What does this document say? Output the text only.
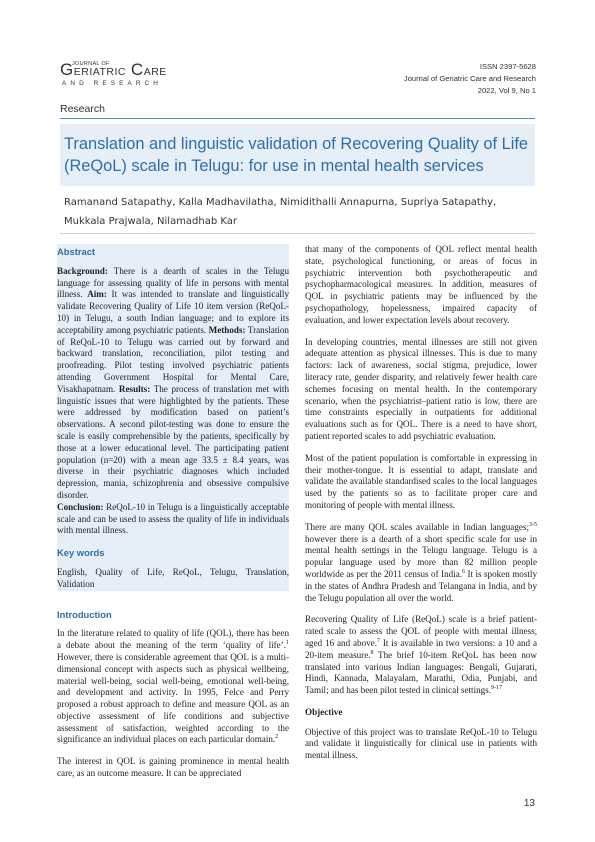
GERIATRIC CARE
JOURNAL OF
AND RESEARCH
ISSN 2397-5628
Journal of Geriatric Care and Research
2022, Vol 9, No 1
Research
Translation and linguistic validation of Recovering Quality of Life (ReQoL) scale in Telugu: for use in mental health services
Ramanand Satapathy, Kalla Madhavilatha, Nimidithalli Annapurna, Supriya Satapathy, Mukkala Prajwala, Nilamadhab Kar
Abstract

Background: There is a dearth of scales in the Telugu language for assessing quality of life in persons with mental illness. Aim: It was intended to translate and linguistically validate Recovering Quality of Life 10 item version (ReQoL-10) in Telugu, a south Indian language; and to explore its acceptability among psychiatric patients. Methods: Translation of ReQoL-10 to Telugu was carried out by forward and backward translation, reconciliation, pilot testing and proofreading. Pilot testing involved psychiatric patients attending Government Hospital for Mental Care, Visakhapatnam. Results: The process of translation met with linguistic issues that were highlighted by the patients. These were addressed by modification based on patient’s observations. A second pilot-testing was done to ensure the scale is easily comprehensible by the patients, specifically by those at a lower educational level. The participating patient population (n=20) with a mean age 33.5 ± 8.4 years, was diverse in their psychiatric diagnoses which included depression, mania, schizophrenia and obsessive compulsive disorder.
Conclusion: ReQoL-10 in Telugu is a linguistically acceptable scale and can be used to assess the quality of life in individuals with mental illness.

Key words

English, Quality of Life, ReQoL, Telugu, Translation, Validation

Introduction

In the literature related to quality of life (QOL), there has been a debate about the meaning of the term ‘quality of life’.$^1$ However, there is considerable agreement that QOL is a multi-dimensional concept with aspects such as physical wellbeing, material well-being, social well-being, emotional well-being, and development and activity. In 1995, Felce and Perry proposed a robust approach to define and measure QOL as an objective assessment of life conditions and subjective assessment of satisfaction, weighted according to the significance an individual places on each particular domain.$^2$

The interest in QOL is gaining prominence in mental health care, as an outcome measure. It can be appreciated

that many of the components of QOL reflect mental health state, psychological functioning, or areas of focus in psychiatric intervention both psychotherapeutic and psychopharmacological measures. In addition, measures of QOL in psychiatric patients may be influenced by the psychopathology, hopelessness, impaired capacity of evaluation, and lower expectation levels about recovery.

In developing countries, mental illnesses are still not given adequate attention as physical illnesses. This is due to many factors: lack of awareness, social stigma, prejudice, lower literacy rate, gender disparity, and relatively fewer health care schemes focusing on mental health. In the contemporary scenario, when the psychiatrist–patient ratio is low, there are time constraints especially in outpatients for additional evaluations such as for QOL. There is a need to have short, patient reported scales to add psychiatric evaluation.

Most of the patient population is comfortable in expressing in their mother-tongue. It is essential to adapt, translate and validate the available standardised scales to the local languages used by the patients so as to facilitate proper care and monitoring of people with mental illness.

There are many QOL scales available in Indian languages;$^{3-5}$ however there is a dearth of a short specific scale for use in mental health settings in the Telugu language. Telugu is a popular language used by more than 82 million people worldwide as per the 2011 census of India.$^6$ It is spoken mostly in the states of Andhra Pradesh and Telangana in India, and by the Telugu population all over the world.

Recovering Quality of Life (ReQoL) scale is a brief patient-rated scale to assess the QOL of people with mental illness, aged 16 and above.$^7$ It is available in two versions: a 10 and a 20-item measure.$^8$ The brief 10-item ReQoL has been now translated into various Indian languages: Bengali, Gujarati, Hindi, Kannada, Malayalam, Marathi, Odia, Punjabi, and Tamil; and has been pilot tested in clinical settings.$^{9-17}$

Objective

Objective of this project was to translate ReQoL-10 to Telugu and validate it linguistically for clinical use in patients with mental illness.

13
